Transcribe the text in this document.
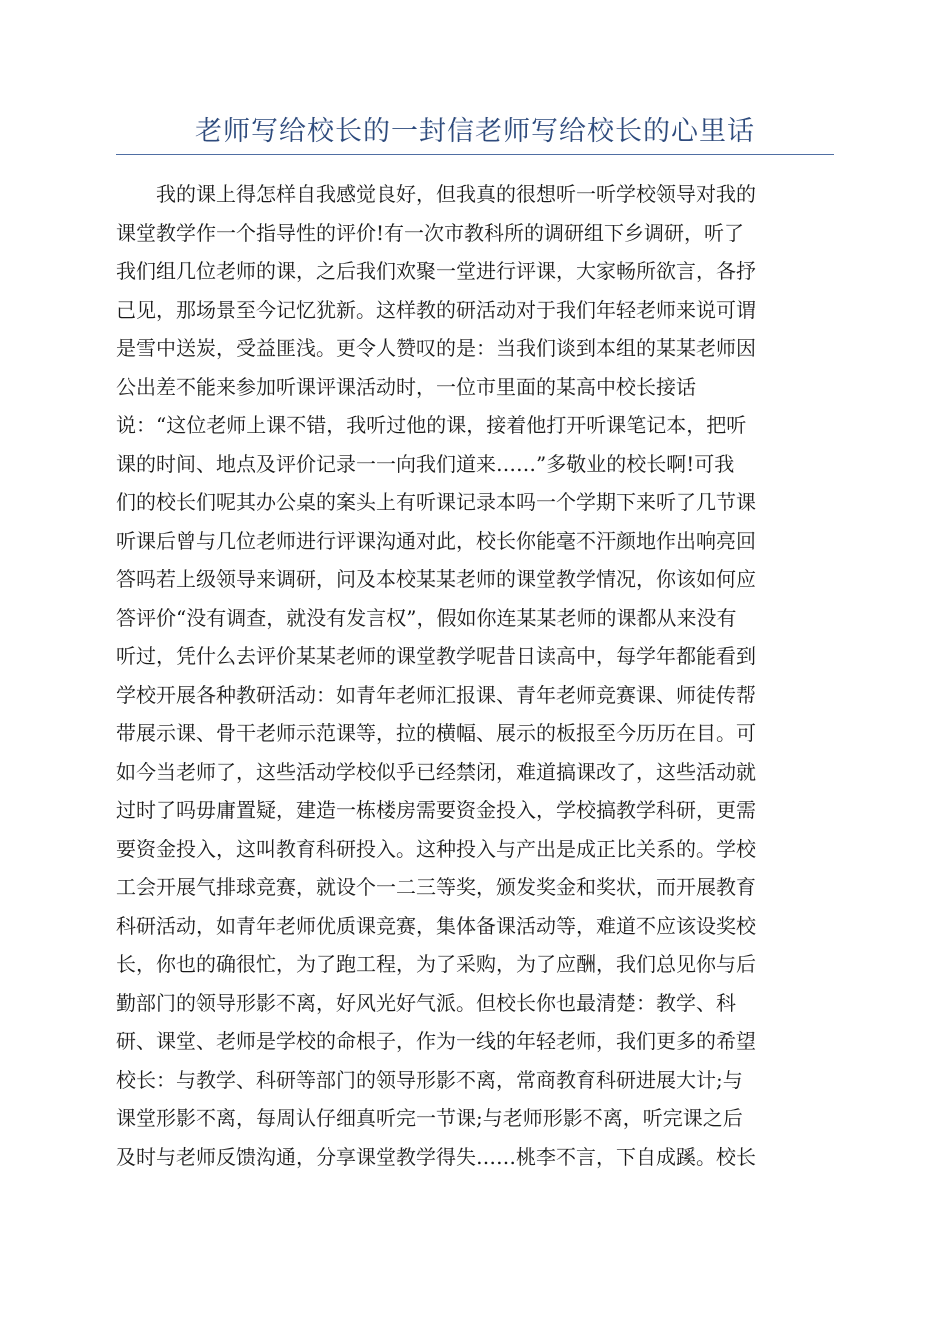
老师写给校长的一封信老师写给校长的心里话
　　我的课上得怎样自我感觉良好，但我真的很想听一听学校领导对我的
课堂教学作一个指导性的评价!有一次市教科所的调研组下乡调研，听了
我们组几位老师的课，之后我们欢聚一堂进行评课，大家畅所欲言，各抒
己见，那场景至今记忆犹新。这样教的研活动对于我们年轻老师来说可谓
是雪中送炭，受益匪浅。更令人赞叹的是：当我们谈到本组的某某老师因
公出差不能来参加听课评课活动时，一位市里面的某高中校长接话
说：“这位老师上课不错，我听过他的课，接着他打开听课笔记本，把听
课的时间、地点及评价记录一一向我们道来……”多敬业的校长啊!可我
们的校长们呢其办公桌的案头上有听课记录本吗一个学期下来听了几节课
听课后曾与几位老师进行评课沟通对此，校长你能毫不汗颜地作出响亮回
答吗若上级领导来调研，问及本校某某老师的课堂教学情况，你该如何应
答评价“没有调查，就没有发言权”，假如你连某某老师的课都从来没有
听过，凭什么去评价某某老师的课堂教学呢昔日读高中，每学年都能看到
学校开展各种教研活动：如青年老师汇报课、青年老师竞赛课、师徒传帮
带展示课、骨干老师示范课等，拉的横幅、展示的板报至今历历在目。可
如今当老师了，这些活动学校似乎已经禁闭，难道搞课改了，这些活动就
过时了吗毋庸置疑，建造一栋楼房需要资金投入，学校搞教学科研，更需
要资金投入，这叫教育科研投入。这种投入与产出是成正比关系的。学校
工会开展气排球竞赛，就设个一二三等奖，颁发奖金和奖状，而开展教育
科研活动，如青年老师优质课竞赛，集体备课活动等，难道不应该设奖校
长，你也的确很忙，为了跑工程，为了采购，为了应酬，我们总见你与后
勤部门的领导形影不离，好风光好气派。但校长你也最清楚：教学、科
研、课堂、老师是学校的命根子，作为一线的年轻老师，我们更多的希望
校长：与教学、科研等部门的领导形影不离，常商教育科研进展大计;与
课堂形影不离，每周认仔细真听完一节课;与老师形影不离，听完课之后
及时与老师反馈沟通，分享课堂教学得失……桃李不言，下自成蹊。校长
